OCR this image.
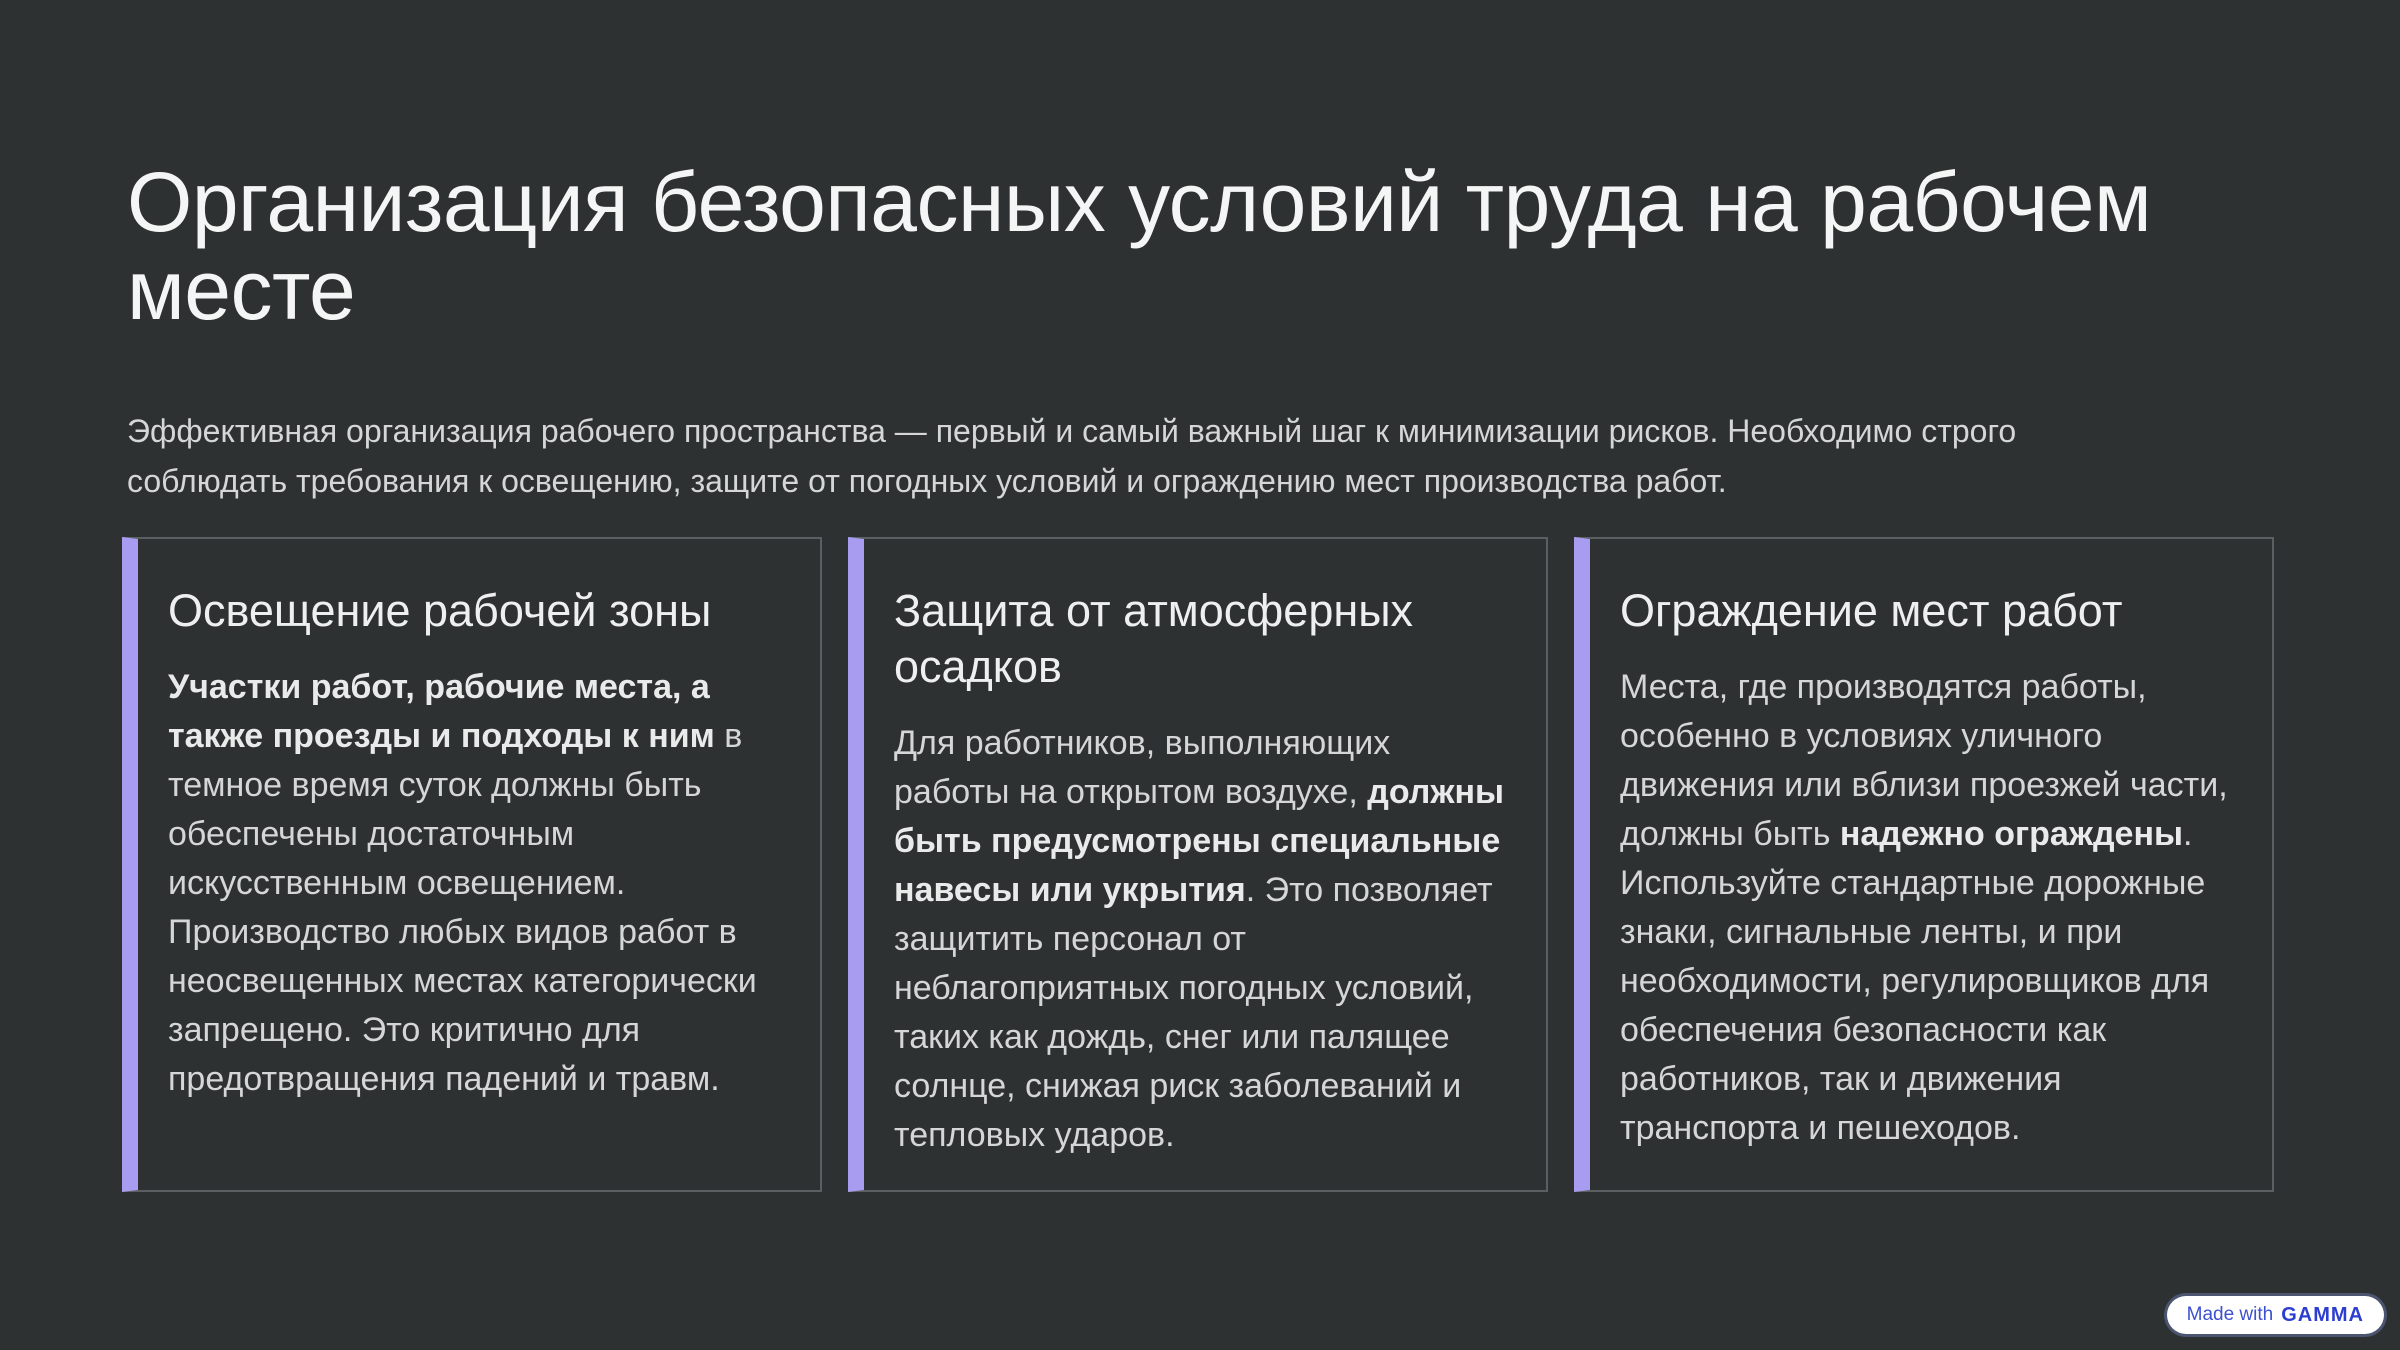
Организация безопасных условий труда на рабочем
месте

Эффективная организация рабочего пространства — первый и самый важный шаг к минимизации рисков. Необходимо строго
соблюдать требования к освещению, защите от погодных условий и ограждению мест производства работ.

Освещение рабочей зоны

Участки работ, рабочие места, а также проезды и подходы к ним в темное время суток должны быть обеспечены достаточным искусственным освещением. Производство любых видов работ в неосвещенных местах категорически запрещено. Это критично для предотвращения падений и травм.

Защита от атмосферных
осадков

Для работников, выполняющих работы на открытом воздухе, должны быть предусмотрены специальные навесы или укрытия. Это позволяет защитить персонал от неблагоприятных погодных условий, таких как дождь, снег или палящее солнце, снижая риск заболеваний и тепловых ударов.

Ограждение мест работ

Места, где производятся работы, особенно в условиях уличного движения или вблизи проезжей части, должны быть надежно ограждены. Используйте стандартные дорожные знаки, сигнальные ленты, и при необходимости, регулировщиков для обеспечения безопасности как работников, так и движения транспорта и пешеходов.

Made with GAMMA
